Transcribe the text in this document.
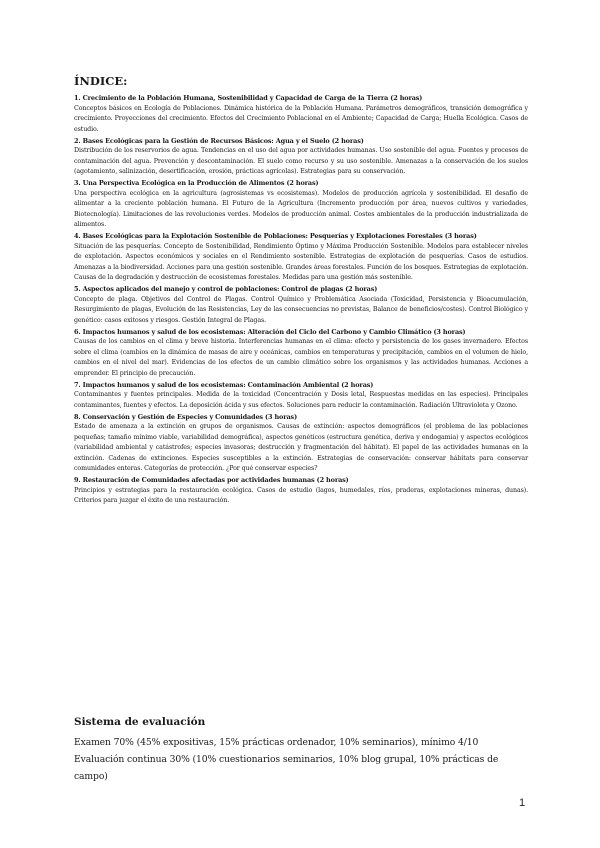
ÍNDICE:

1. Crecimiento de la Población Humana, Sostenibilidad y Capacidad de Carga de la Tierra (2 horas)

Conceptos básicos en Ecología de Poblaciones. Dinámica histórica de la Población Humana. Parámetros demográficos, transición demográfica y crecimiento. Proyecciones del crecimiento. Efectos del Crecimiento Poblacional en el Ambiente; Capacidad de Carga; Huella Ecológica. Casos de estudio.

2. Bases Ecológicas para la Gestión de Recursos Básicos: Agua y el Suelo (2 horas)

Distribución de los reservorios de agua. Tendencias en el uso del agua por actividades humanas. Uso sostenible del agua. Fuentes y procesos de contaminación del agua. Prevención y descontaminación. El suelo como recurso y su uso sostenible. Amenazas a la conservación de los suelos (agotamiento, salinización, desertificación, erosión, prácticas agrícolas). Estrategias para su conservación.

3. Una Perspectiva Ecológica en la Producción de Alimentos (2 horas)

Una perspectiva ecológica en la agricultura (agrosistemas vs ecosistemas). Modelos de producción agrícola y sostenibilidad. El desafío de alimentar a la creciente población humana. El Futuro de la Agricultura (Incremento producción por área, nuevos cultivos y variedades, Biotecnología). Limitaciones de las revoluciones verdes. Modelos de producción animal. Costes ambientales de la producción industrializada de alimentos.

4. Bases Ecológicas para la Explotación Sostenible de Poblaciones: Pesquerías y Explotaciones Forestales (3 horas)

Situación de las pesquerías. Concepto de Sostenibilidad, Rendimiento Óptimo y Máxima Producción Sostenible. Modelos para establecer niveles de explotación. Aspectos económicos y sociales en el Rendimiento sostenible. Estrategias de explotación de pesquerías. Casos de estudios. Amenazas a la biodiversidad. Acciones para una gestión sostenible. Grandes áreas forestales. Función de los bosques. Estrategias de explotación. Causas de la degradación y destrucción de ecosistemas forestales. Medidas para una gestión más sostenible.

5. Aspectos aplicados del manejo y control de poblaciones: Control de plagas (2 horas)

Concepto de plaga. Objetivos del Control de Plagas. Control Químico y Problemática Asociada (Toxicidad, Persistencia y Bioacumulación, Resurgimiento de plagas, Evolución de las Resistencias, Ley de las consecuencias no previstas, Balance de beneficios/costes). Control Biológico y genético: casos exitosos y riesgos. Gestión Integral de Plagas.

6. Impactos humanos y salud de los ecosistemas: Alteración del Ciclo del Carbono y Cambio Climático (3 horas)

Causas de los cambios en el clima y breve historia. Interferencias humanas en el clima: efecto y persistencia de los gases invernadero. Efectos sobre el clima (cambios en la dinámica de masas de aire y oceánicas, cambios en temperaturas y precipitación, cambios en el volumen de hielo, cambios en el nivel del mar). Evidencias de los efectos de un cambio climático sobre los organismos y las actividades humanas. Acciones a emprender. El principio de precaución.

7. Impactos humanos y salud de los ecosistemas: Contaminación Ambiental (2 horas)

Contaminantes y fuentes principales. Medida de la toxicidad (Concentración y Dosis letal, Respuestas medidas en las especies). Principales contaminantes, fuentes y efectos. La deposición ácida y sus efectos. Soluciones para reducir la contaminación. Radiación Ultravioleta y Ozono.

8. Conservación y Gestión de Especies y Comunidades (3 horas)

Estado de amenaza a la extinción en grupos de organismos. Causas de extinción: aspectos demográficos (el problema de las poblaciones pequeñas; tamaño mínimo viable, variabilidad demográfica), aspectos genéticos (estructura genética, deriva y endogamia) y aspectos ecológicos (variabilidad ambiental y catástrofes; especies invasoras; destrucción y fragmentación del hábitat). El papel de las actividades humanas en la extinción. Cadenas de extinciones. Especies susceptibles a la extinción. Estrategias de conservación: conservar hábitats para conservar comunidades enteras. Categorías de protección. ¿Por qué conservar especies?

9. Restauración de Comunidades afectadas por actividades humanas (2 horas)

Principios y estrategias para la restauración ecológica. Casos de estudio (lagos, humedales, ríos, praderas, explotaciones mineras, dunas). Criterios para juzgar el éxito de una restauración.

Sistema de evaluación

Examen 70% (45% expositivas, 15% prácticas ordenador, 10% seminarios), mínimo 4/10

Evaluación continua 30% (10% cuestionarios seminarios, 10% blog grupal, 10% prácticas de campo)

1
